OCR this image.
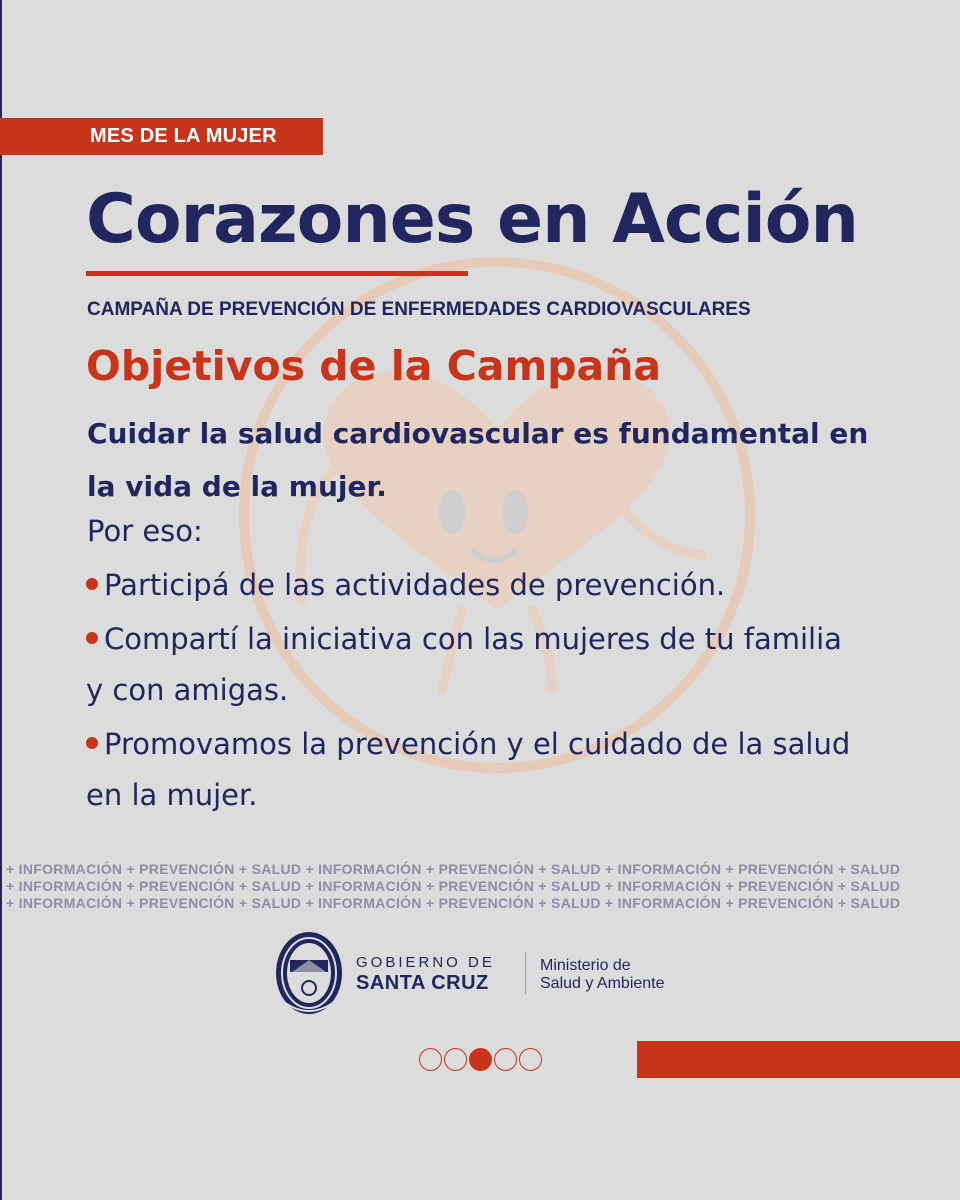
MES DE LA MUJER
Corazones en Acción
CAMPAÑA DE PREVENCIÓN DE ENFERMEDADES CARDIOVASCULARES
Objetivos de la Campaña

Cuidar la salud cardiovascular es fundamental en la vida de la mujer.

Por eso:

Participá de las actividades de prevención.
Compartí la iniciativa con las mujeres de tu familia y con amigas.
Promovamos la prevención y el cuidado de la salud en la mujer.
+ INFORMACIÓN + PREVENCIÓN + SALUD + INFORMACIÓN + PREVENCIÓN + SALUD + INFORMACIÓN + PREVENCIÓN + SALUD
+ INFORMACIÓN + PREVENCIÓN + SALUD + INFORMACIÓN + PREVENCIÓN + SALUD + INFORMACIÓN + PREVENCIÓN + SALUD
+ INFORMACIÓN + PREVENCIÓN + SALUD + INFORMACIÓN + PREVENCIÓN + SALUD + INFORMACIÓN + PREVENCIÓN + SALUD
GOBIERNO DE
SANTA CRUZ
Ministerio de
Salud y Ambiente
